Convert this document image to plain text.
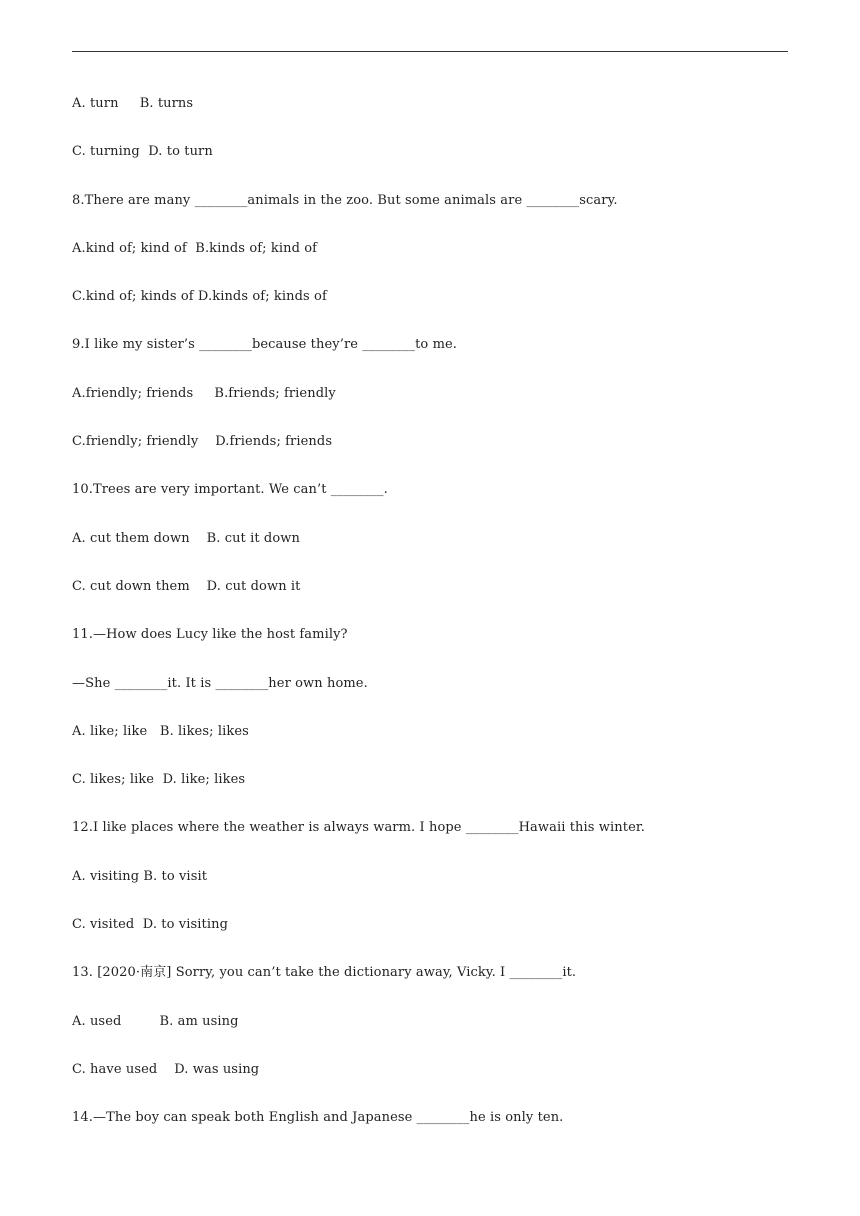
A. turn     B. turns
C. turning  D. to turn
8.There are many ________animals in the zoo. But some animals are ________scary.
A.kind of; kind of  B.kinds of; kind of
C.kind of; kinds of D.kinds of; kinds of
9.I like my sister’s ________because they’re ________to me.
A.friendly; friends     B.friends; friendly
C.friendly; friendly    D.friends; friends
10.Trees are very important. We can’t ________.
A. cut them down    B. cut it down
C. cut down them    D. cut down it
11.—How does Lucy like the host family?
—She ________it. It is ________her own home.
A. like; like   B. likes; likes
C. likes; like  D. like; likes
12.I like places where the weather is always warm. I hope ________Hawaii this winter.
A. visiting B. to visit
C. visited  D. to visiting
13. [2020·南京] Sorry, you can’t take the dictionary away, Vicky. I ________it.
A. used         B. am using
C. have used    D. was using
14.—The boy can speak both English and Japanese ________he is only ten.
